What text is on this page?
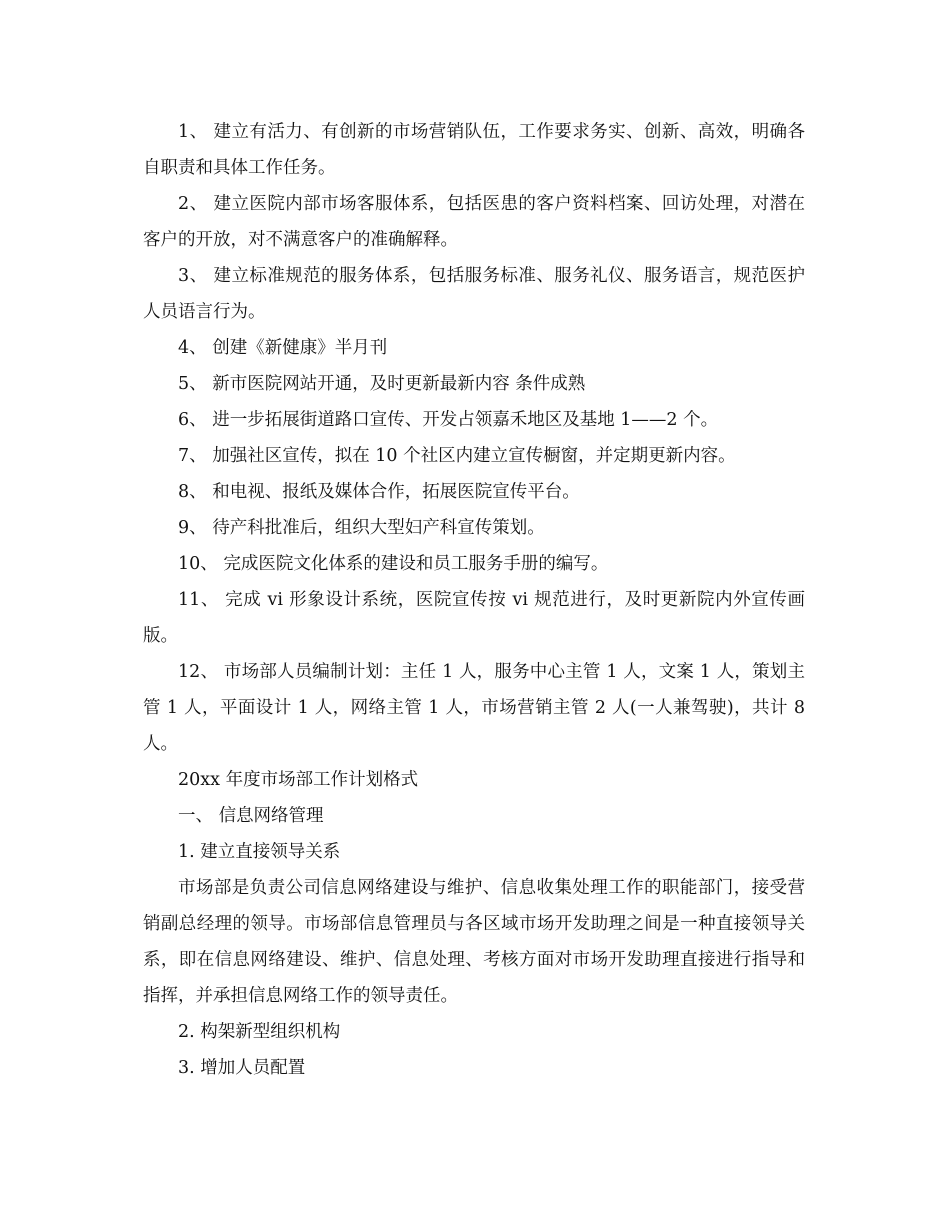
1、 建立有活力、有创新的市场营销队伍，工作要求务实、创新、高效，明确各自职责和具体工作任务。

2、 建立医院内部市场客服体系，包括医患的客户资料档案、回访处理，对潜在客户的开放，对不满意客户的准确解释。

3、 建立标准规范的服务体系，包括服务标准、服务礼仪、服务语言，规范医护人员语言行为。

4、 创建《新健康》半月刊

5、 新市医院网站开通，及时更新最新内容 条件成熟

6、 进一步拓展街道路口宣传、开发占领嘉禾地区及基地 1——2 个。

7、 加强社区宣传，拟在 10 个社区内建立宣传橱窗，并定期更新内容。

8、 和电视、报纸及媒体合作，拓展医院宣传平台。

9、 待产科批准后，组织大型妇产科宣传策划。

10、 完成医院文化体系的建设和员工服务手册的编写。

11、 完成 vi 形象设计系统，医院宣传按 vi 规范进行，及时更新院内外宣传画版。

12、 市场部人员编制计划：主任 1 人，服务中心主管 1 人，文案 1 人，策划主管 1 人，平面设计 1 人，网络主管 1 人，市场营销主管 2 人(一人兼驾驶)，共计 8 人。

20xx 年度市场部工作计划格式

一、 信息网络管理

1. 建立直接领导关系

市场部是负责公司信息网络建设与维护、信息收集处理工作的职能部门，接受营销副总经理的领导。市场部信息管理员与各区域市场开发助理之间是一种直接领导关系，即在信息网络建设、维护、信息处理、考核方面对市场开发助理直接进行指导和指挥，并承担信息网络工作的领导责任。

2. 构架新型组织机构

3. 增加人员配置
